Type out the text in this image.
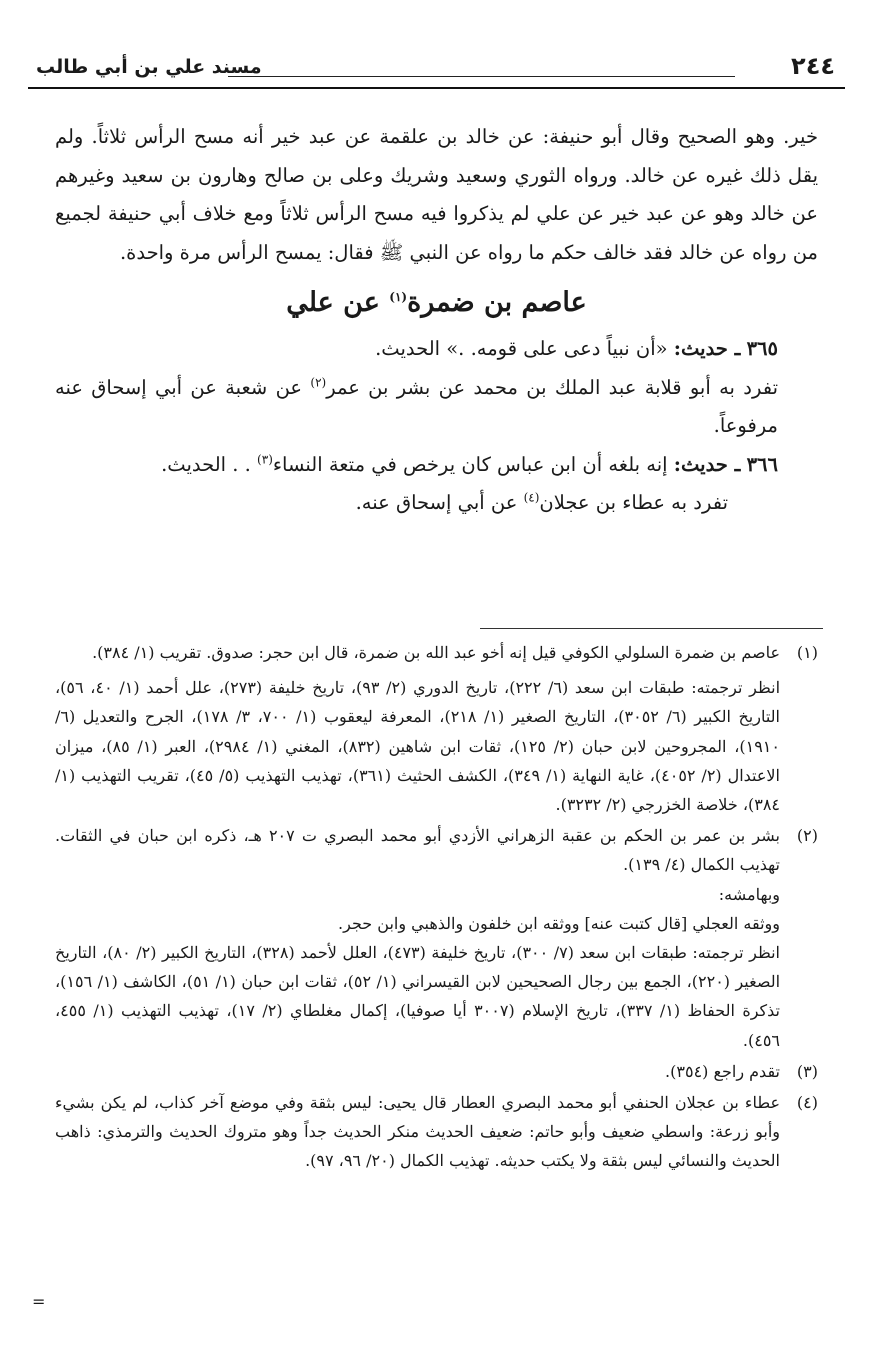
٢٤٤
مسند علي بن أبي طالب

خير. وهو الصحيح وقال أبو حنيفة: عن خالد بن علقمة عن عبد خير أنه مسح الرأس ثلاثاً. ولم يقل ذلك غيره عن خالد. ورواه الثوري وسعيد وشريك وعلى بن صالح وهارون بن سعيد وغيرهم عن خالد وهو عن عبد خير عن علي لم يذكروا فيه مسح الرأس ثلاثاً ومع خلاف أبي حنيفة لجميع من رواه عن خالد فقد خالف حكم ما رواه عن النبي ﷺ فقال: يمسح الرأس مرة واحدة.

عاصم بن ضمرة$^{(١)}$ عن علي

٣٦٥ ـ حديث: «أن نبياً دعى على قومه. .» الحديث.

تفرد به أبو قلابة عبد الملك بن محمد عن بشر بن عمر$^{(٢)}$ عن شعبة عن أبي إسحاق عنه مرفوعاً.

٣٦٦ ـ حديث: إنه بلغه أن ابن عباس كان يرخص في متعة النساء$^{(٣)}$ . . الحديث.

تفرد به عطاء بن عجلان$^{(٤)}$ عن أبي إسحاق عنه.

(١)

عاصم بن ضمرة السلولي الكوفي قيل إنه أخو عبد الله بن ضمرة، قال ابن حجر: صدوق. تقريب (١/ ٣٨٤).

انظر ترجمته: طبقات ابن سعد (٦/ ٢٢٢)، تاريخ الدوري (٢/ ٩٣)، تاريخ خليفة (٢٧٣)، علل أحمد (١/ ٤٠، ٥٦)، التاريخ الكبير (٦/ ٣٠٥٢)، التاريخ الصغير (١/ ٢١٨)، المعرفة ليعقوب (١/ ٧٠٠، ٣/ ١٧٨)، الجرح والتعديل (٦/ ١٩١٠)، المجروحين لابن حبان (٢/ ١٢٥)، ثقات ابن شاهين (٨٣٢)، المغني (١/ ٢٩٨٤)، العبر (١/ ٨٥)، ميزان الاعتدال (٢/ ٤٠٥٢)، غاية النهاية (١/ ٣٤٩)، الكشف الحثيث (٣٦١)، تهذيب التهذيب (٥/ ٤٥)، تقريب التهذيب (١/ ٣٨٤)، خلاصة الخزرجي (٢/ ٣٢٣٢).

(٢)

بشر بن عمر بن الحكم بن عقبة الزهراني الأزدي أبو محمد البصري ت ٢٠٧ هـ، ذكره ابن حبان في الثقات. تهذيب الكمال (٤/ ١٣٩).

وبهامشه:

ووثقه العجلي [قال كتبت عنه] ووثقه ابن خلفون والذهبي وابن حجر.

انظر ترجمته: طبقات ابن سعد (٧/ ٣٠٠)، تاريخ خليفة (٤٧٣)، العلل لأحمد (٣٢٨)، التاريخ الكبير (٢/ ٨٠)، التاريخ الصغير (٢٢٠)، الجمع بين رجال الصحيحين لابن القيسراني (١/ ٥٢)، ثقات ابن حبان (١/ ٥١)، الكاشف (١/ ١٥٦)، تذكرة الحفاظ (١/ ٣٣٧)، تاريخ الإسلام (٣٠٠٧ أيا صوفيا)، إكمال مغلطاي (٢/ ١٧)، تهذيب التهذيب (١/ ٤٥٥، ٤٥٦).

(٣)

تقدم راجع (٣٥٤).

(٤)

عطاء بن عجلان الحنفي أبو محمد البصري العطار قال يحيى: ليس بثقة وفي موضع آخر كذاب، لم يكن بشيء وأبو زرعة: واسطي ضعيف وأبو حاتم: ضعيف الحديث منكر الحديث جداً وهو متروك الحديث والترمذي: ذاهب الحديث والنسائي ليس بثقة ولا يكتب حديثه. تهذيب الكمال (٢٠/ ٩٦، ٩٧).

=
